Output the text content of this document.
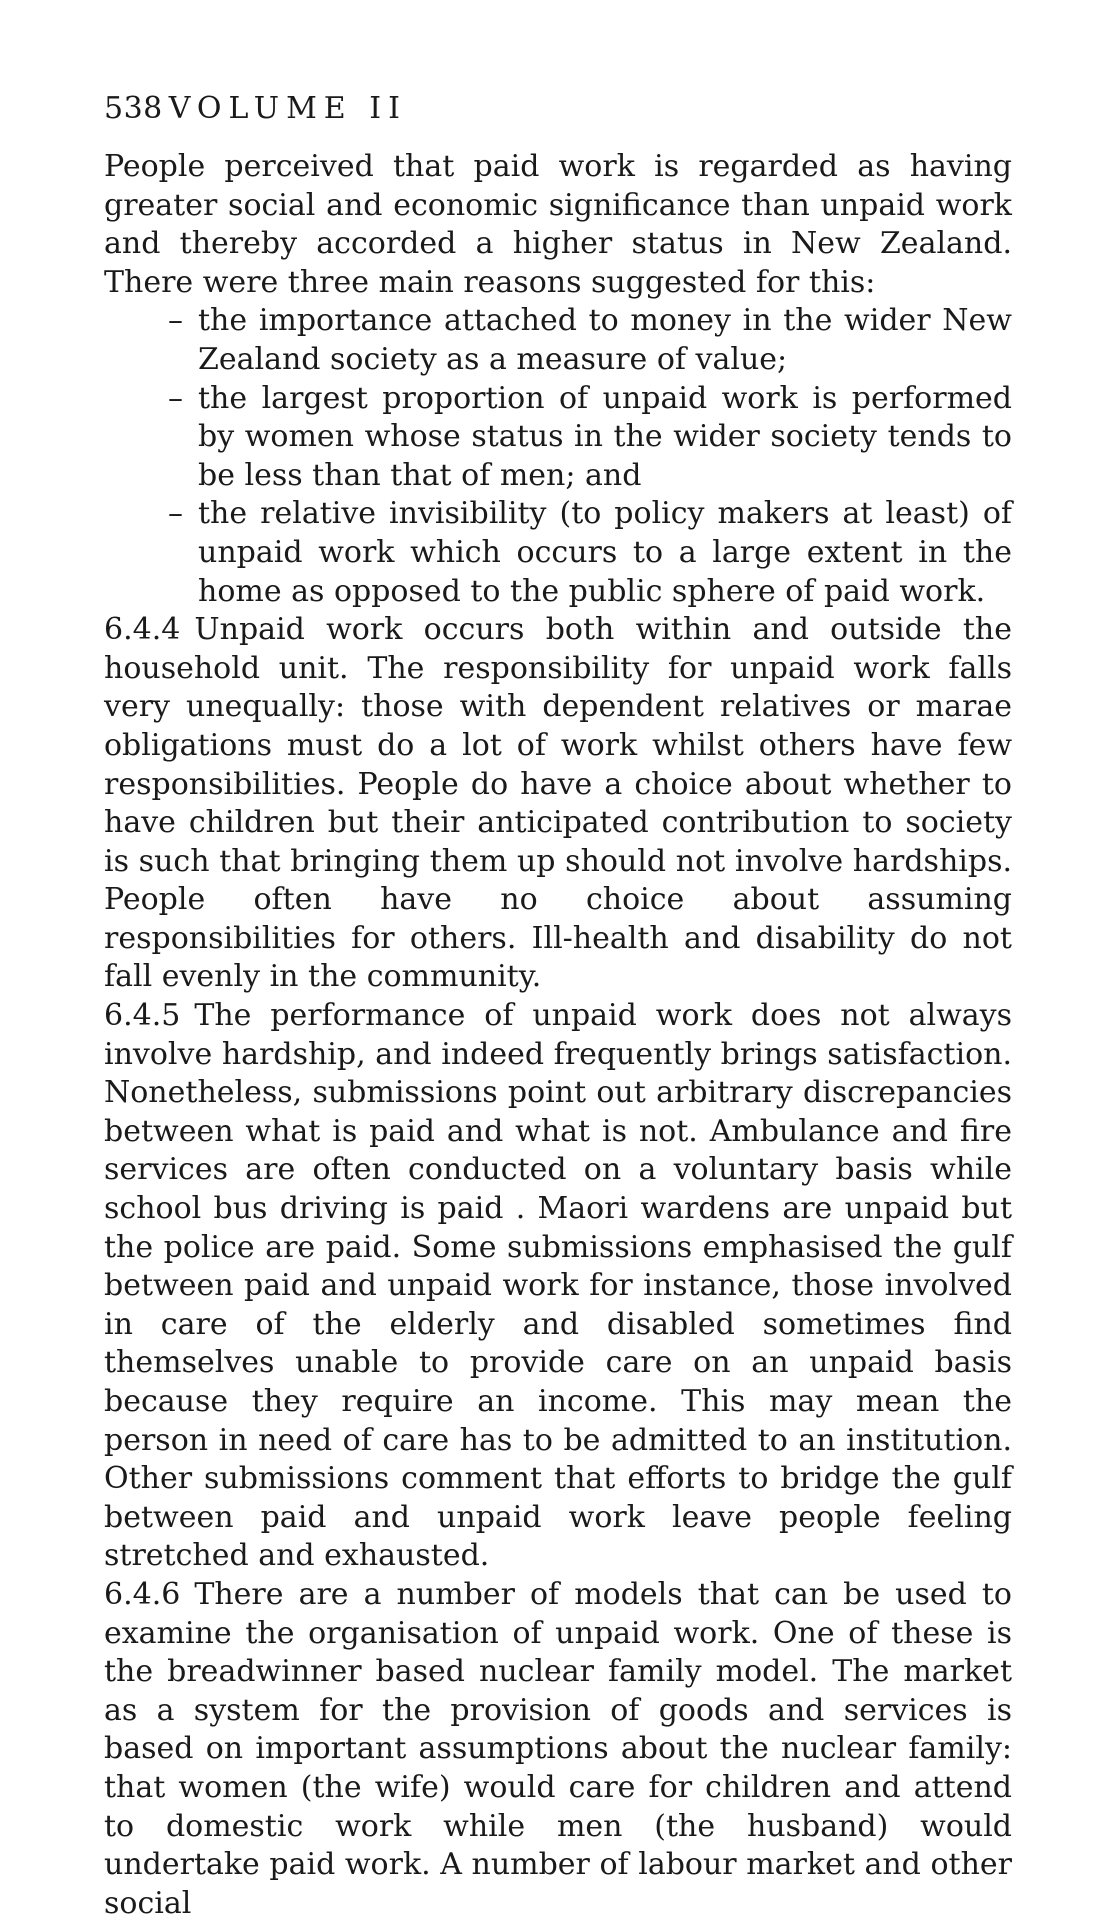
538 VOLUME II

People perceived that paid work is regarded as having greater social and economic significance than unpaid work and thereby accorded a higher status in New Zealand. There were three main reasons suggested for this:

– the importance attached to money in the wider New Zealand society as a measure of value;
– the largest proportion of unpaid work is performed by women whose status in the wider society tends to be less than that of men; and
– the relative invisibility (to policy makers at least) of unpaid work which occurs to a large extent in the home as opposed to the public sphere of paid work.

6.4.4 Unpaid work occurs both within and outside the household unit. The responsibility for unpaid work falls very unequally: those with dependent relatives or marae obligations must do a lot of work whilst others have few responsibilities. People do have a choice about whether to have children but their anticipated contribution to society is such that bringing them up should not involve hardships. People often have no choice about assuming responsibilities for others. Ill-health and disability do not fall evenly in the community.

6.4.5 The performance of unpaid work does not always involve hardship, and indeed frequently brings satisfaction. Nonetheless, submissions point out arbitrary discrepancies between what is paid and what is not. Ambulance and fire services are often conducted on a voluntary basis while school bus driving is paid . Maori wardens are unpaid but the police are paid. Some submissions emphasised the gulf between paid and unpaid work for instance, those involved in care of the elderly and disabled sometimes find themselves unable to provide care on an unpaid basis because they require an income. This may mean the person in need of care has to be admitted to an institution. Other submissions comment that efforts to bridge the gulf between paid and unpaid work leave people feeling stretched and exhausted.

6.4.6 There are a number of models that can be used to examine the organisation of unpaid work. One of these is the breadwinner based nuclear family model. The market as a system for the provision of goods and services is based on important assumptions about the nuclear family: that women (the wife) would care for children and attend to domestic work while men (the husband) would undertake paid work. A number of labour market and other social
